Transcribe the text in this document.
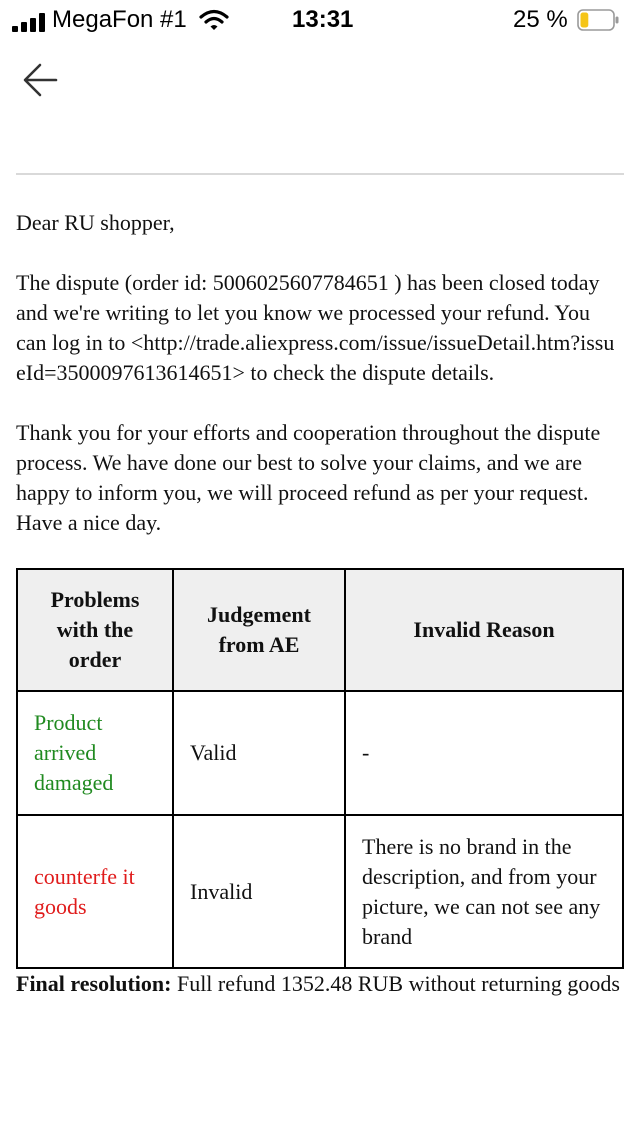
MegaFon #1	13:31	25 %

Dear RU shopper,

The dispute (order id: 5006025607784651 ) has been closed today and we're writing to let you know we processed your refund. You can log in to <http://trade.aliexpress.com/issue/issueDetail.htm?issueId=3500097613614651> to check the dispute details.

Thank you for your efforts and cooperation throughout the dispute process. We have done our best to solve your claims, and we are happy to inform you, we will proceed refund as per your request. Have a nice day.

Problems with the order	Judgement from AE	Invalid Reason
Product arrived damaged	Valid	-
counterfe it goods	Invalid	There is no brand in the description, and from your picture, we can not see any brand

Final resolution: Full refund 1352.48 RUB without returning goods
